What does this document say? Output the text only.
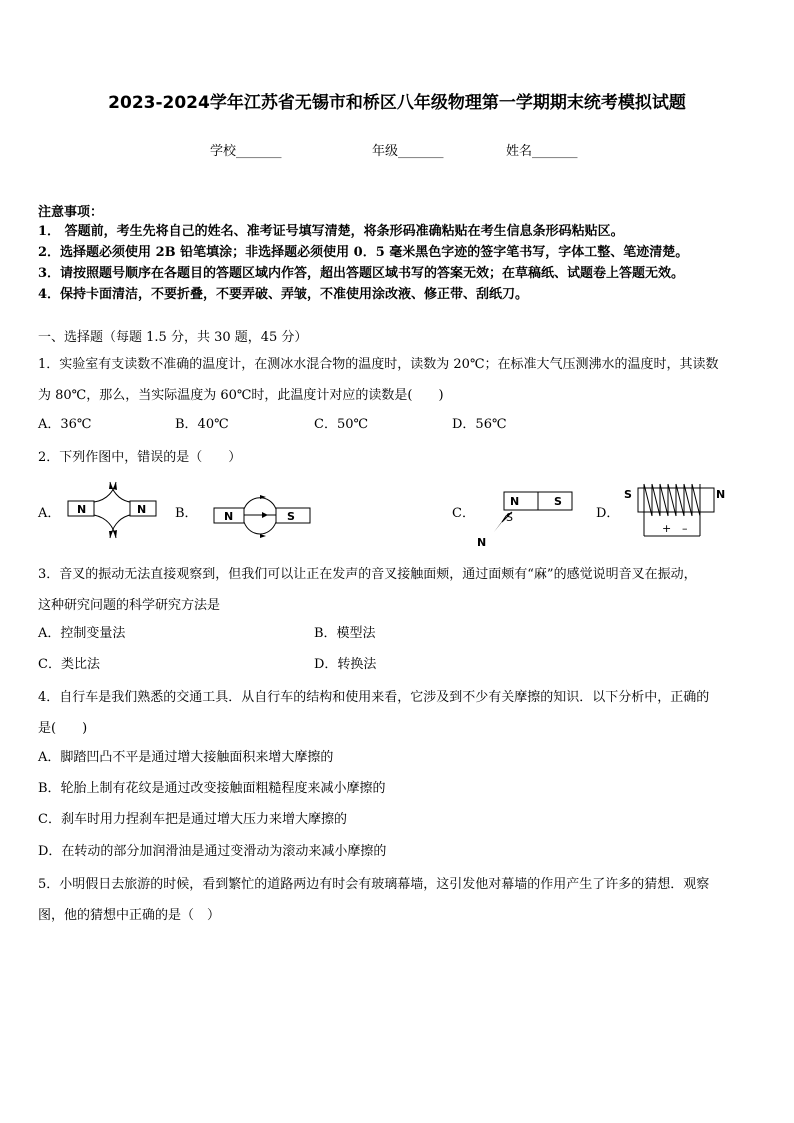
2023-2024学年江苏省无锡市和桥区八年级物理第一学期期末统考模拟试题
学校_______	年级_______	姓名_______
注意事项：
1． 答题前，考生先将自己的姓名、准考证号填写清楚，将条形码准确粘贴在考生信息条形码粘贴区。
2．选择题必须使用 2B 铅笔填涂；非选择题必须使用 0．5 毫米黑色字迹的签字笔书写，字体工整、笔迹清楚。
3．请按照题号顺序在各题目的答题区域内作答，超出答题区域书写的答案无效；在草稿纸、试题卷上答题无效。
4．保持卡面清洁，不要折叠，不要弄破、弄皱，不准使用涂改液、修正带、刮纸刀。
一、选择题（每题 1.5 分，共 30 题，45 分）
1．实验室有支读数不准确的温度计，在测冰水混合物的温度时，读数为 20℃；在标准大气压测沸水的温度时，其读数
为 80℃，那么，当实际温度为 60℃时，此温度计对应的读数是(　　)
A．36℃	B．40℃	C．50℃	D．56℃
2．下列作图中，错误的是（　　）
A．	B．	C．	D．
N	N
N	S
N	S
S
N
S	N
+ –
3．音叉的振动无法直接观察到，但我们可以让正在发声的音叉接触面颊，通过面颊有“麻”的感觉说明音叉在振动，
这种研究问题的科学研究方法是
A．控制变量法	B．模型法
C．类比法	D．转换法
4．自行车是我们熟悉的交通工具．从自行车的结构和使用来看，它涉及到不少有关摩擦的知识．以下分析中，正确的
是(　　)
A．脚踏凹凸不平是通过增大接触面积来增大摩擦的
B．轮胎上制有花纹是通过改变接触面粗糙程度来减小摩擦的
C．刹车时用力捏刹车把是通过增大压力来增大摩擦的
D．在转动的部分加润滑油是通过变滑动为滚动来减小摩擦的
5．小明假日去旅游的时候，看到繁忙的道路两边有时会有玻璃幕墙，这引发他对幕墙的作用产生了许多的猜想．观察
图，他的猜想中正确的是（　）
